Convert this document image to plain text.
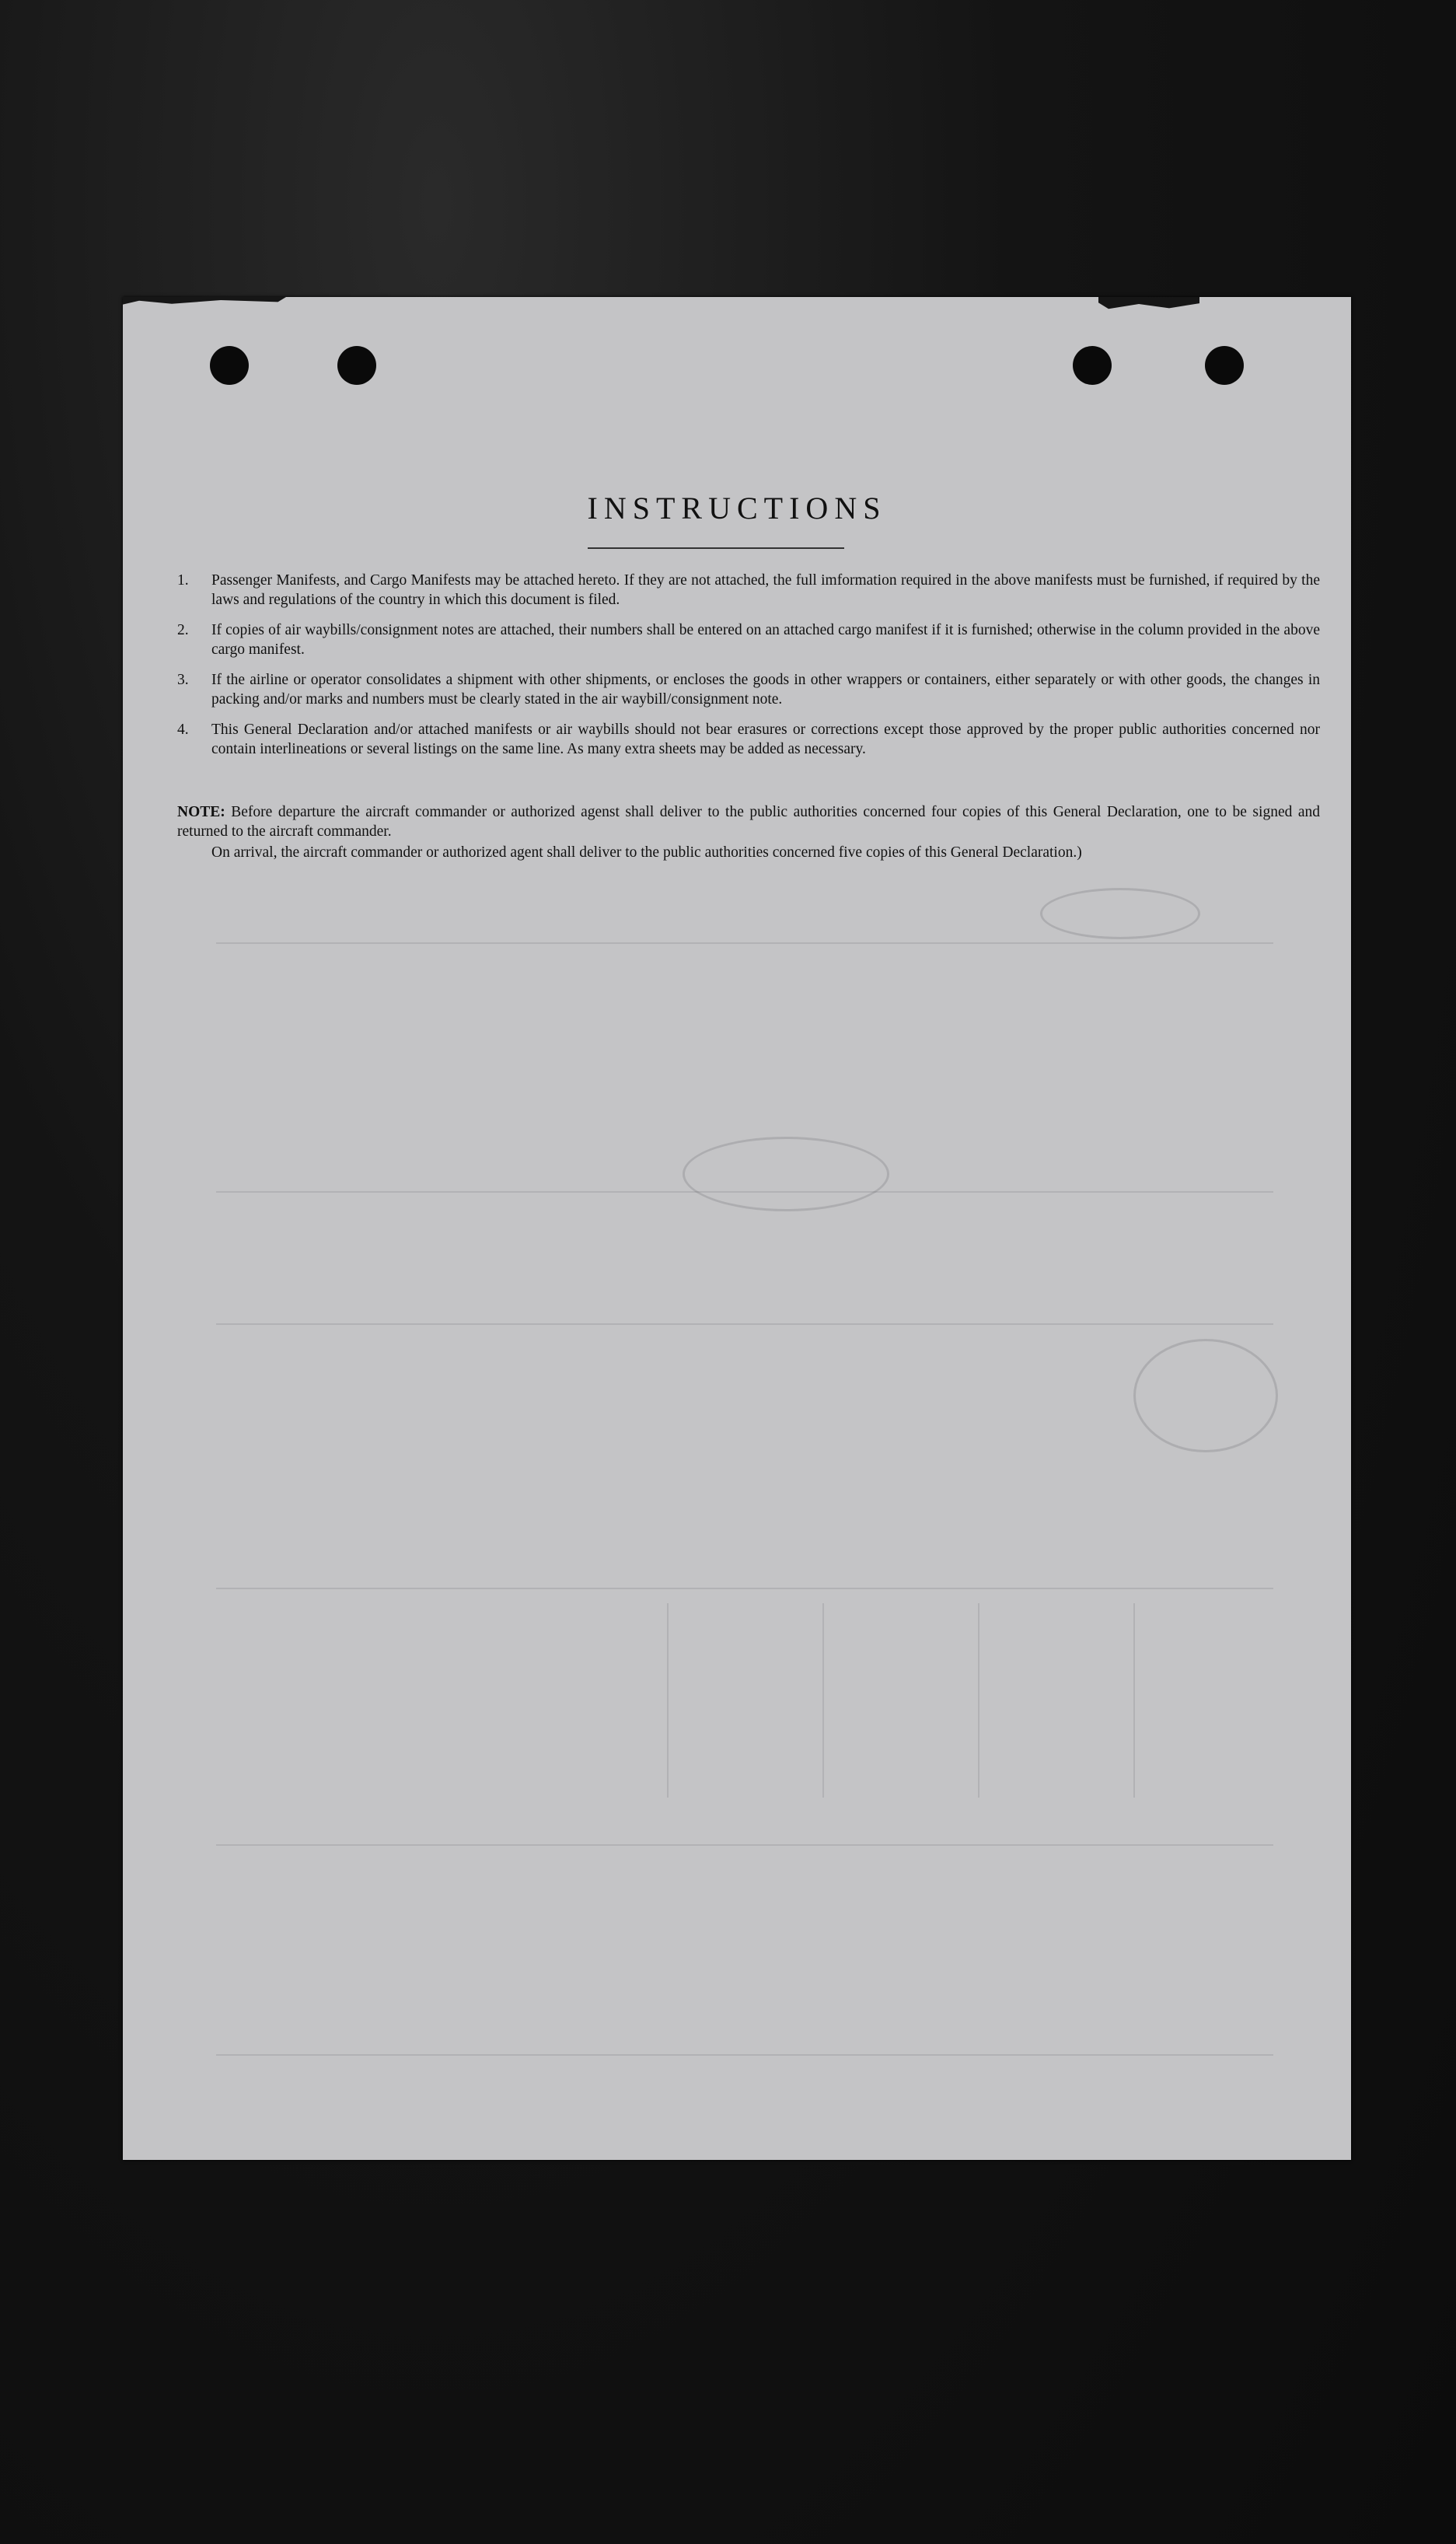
INSTRUCTIONS
1. Passenger Manifests, and Cargo Manifests may be attached hereto. If they are not attached, the full imformation required in the above manifests must be furnished, if required by the laws and regulations of the country in which this document is filed.
2. If copies of air waybills/consignment notes are attached, their numbers shall be entered on an attached cargo manifest if it is furnished; otherwise in the column provided in the above cargo manifest.
3. If the airline or operator consolidates a shipment with other shipments, or encloses the goods in other wrappers or containers, either separately or with other goods, the changes in packing and/or marks and numbers must be clearly stated in the air waybill/consignment note.
4. This General Declaration and/or attached manifests or air waybills should not bear erasures or corrections except those approved by the proper public authorities concerned nor contain interlineations or several listings on the same line. As many extra sheets may be added as necessary.

NOTE: Before departure the aircraft commander or authorized agenst shall deliver to the public authorities concerned four copies of this General Declaration, one to be signed and returned to the aircraft commander.

On arrival, the aircraft commander or authorized agent shall deliver to the public authorities concerned five copies of this General Declaration.)
